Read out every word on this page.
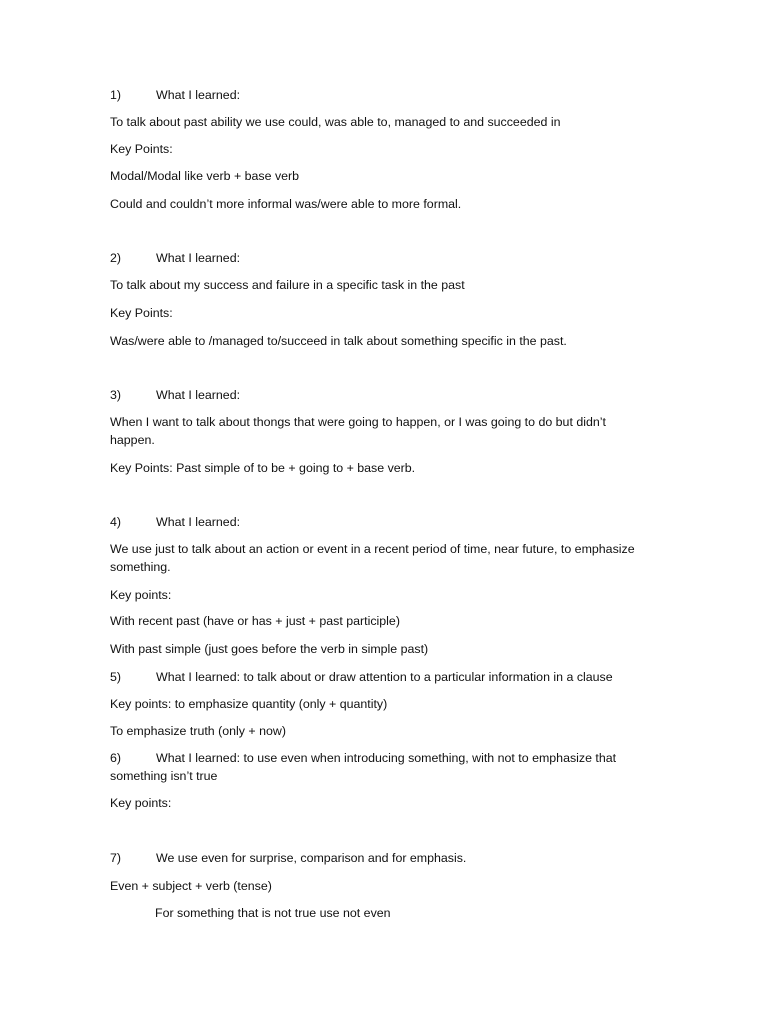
1)	What I learned:

To talk about past ability we use could, was able to, managed to and succeeded in

Key Points:

Modal/Modal like verb + base verb

Could and couldn’t more informal was/were able to more formal.

2)	What I learned:

To talk about my success and failure in a specific task in the past

Key Points:

Was/were able to /managed to/succeed in talk about something specific in the past.

3)	What I learned:

When I want to talk about thongs that were going to happen, or I was going to do but didn’t happen.

Key Points: Past simple of to be + going to + base verb.

4)	What I learned:

We use just to talk about an action or event in a recent period of time, near future, to emphasize something.

Key points:

With recent past (have or has + just + past participle)

With past simple (just goes before the verb in simple past)

5)	What I learned: to talk about or draw attention to a particular information in a clause

Key points: to emphasize quantity (only + quantity)

To emphasize truth (only + now)

6)	What I learned: to use even when introducing something, with not to emphasize that something isn’t true

Key points:

7)	We use even for surprise, comparison and for emphasis.

Even + subject + verb (tense)

For something that is not true use not even
